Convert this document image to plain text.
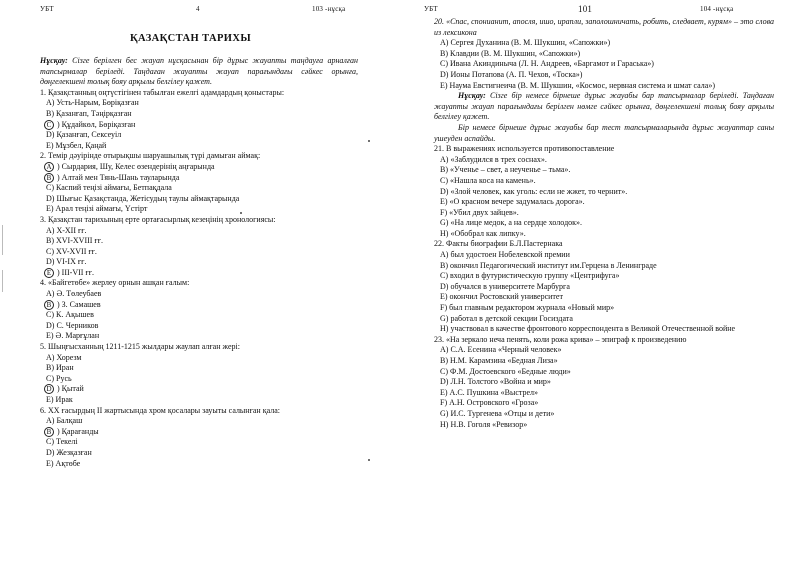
УБТ	4	103 -нұсқа
ҚАЗАҚСТАН ТАРИХЫ
Нұсқау: Сізге берілген бес жауап нұсқасынан бір дұрыс жауапты таңдауға арналған тапсырмалар беріледі. Таңдаған жауапты жауап парағындағы сәйкес орынға, дөңгелекшені толық бояу арқылы белгілеу қажет.
1. Қазақстанның оңтүстігінен табылған ежелгі адамдардың қоныстары:
А) Усть-Нарым, Бөріқазған
В) Қазанғап, Тәңірқазған
С ) Құдайкөл, Бөріқазған
D) Қазанғап, Сексеуіл
Е) Мұзбел, Қаңай
2. Темір дәуірінде отырықшы шаруашылық түрі дамыған аймақ:
А ) Сырдария, Шу, Келес өзендерінің аңғарында
В ) Алтай мен Тянь-Шань тауларында
С) Каспий теңізі аймағы, Бетпақдала
D) Шығыс Қазақстанда, Жетісудың таулы аймақтарында
Е) Арал теңізі аймағы, Үстірт
3. Қазақстан тарихының ерте ортағасырлық кезеңінің хронологиясы:
А) X-XII ғғ.
В) XVI-XVIII ғғ.
С) XV-XVII ғғ.
D) VI-IX ғғ.
Е ) III-VII ғғ.
4. «Байгетөбе» жерлеу орнын ашқан ғалым:
А) Ә. Төлеубаев
В ) З. Самашев
С) К. Ақышев
D) С. Черников
Е) Ә. Марғұлан
5. Шыңғысханның 1211-1215 жылдары жаулап алған жері:
А) Хорезм
В) Иран
С) Русь
D ) Қытай
Е) Ирак
6. XX ғасырдың II жартысында хром қосалары зауыты салынған қала:
А) Балқаш
В ) Қарағанды
С) Текелі
D) Жезқазған
Е) Ақтөбе
УБТ	101	104 -нұсқа
20. «Спас, спонианит, апосля, ишо, ирапли, заполошничать, робить, следвает, курям» – это слова из лексикона
А) Сергея Духанина (В. М. Шукшин, «Сапожки»)
В) Клавдии (В. М. Шукшин, «Сапожки»)
С) Ивана Акиндиныча (Л. Н. Андреев, «Баргамот и Гараська»)
D) Ионы Потапова (А. П. Чехов, «Тоска»)
Е) Наума Евстигнеича (В. М. Шукшин, «Космос, нервная система и шмат сала»)
Нұсқау: Сізге бір немесе бірнеше дұрыс жауабы бар тапсырмалар беріледі. Таңдаған жауапты жауап парағындағы берілген нөмге сәйкес орынға, дөңгелекшені толық бояу арқылы белгілеу қажет.
Бір немесе бірнеше дұрыс жауабы бар тест тапсырмаларында дұрыс жауаптар саны ушеуден аспайды.
21. В выражениях используется противопоставление
А) «Заблудился в трех соснах».
В) «Ученье – свет, а неученье – тьма».
С) «Нашла коса на камень».
D) «Злой человек, как уголь: если не жжет, то чернит».
Е) «О красном вечере задумалась дорога».
F) «Убил двух зайцев».
G) «На лице медок, а на сердце холодок».
H) «Обобрал как липку».
22. Факты биографии Б.Л.Пастернака
А) был удостоен Нобелевской премии
В) окончил Педагогический институт им.Герцена в Ленинграде
С) входил в футуристическую группу «Центрифуга»
D) обучался в университете Марбурга
Е) окончил Ростовский университет
F) был главным редактором журнала «Новый мир»
G) работал в детской секции Госиздата
H) участвовал в качестве фронтового корреспондента в Великой Отечественной войне
23. «На зеркало неча пенять, коли рожа крива» – эпиграф к произведению
А) С.А. Есенина «Черный человек»
В) Н.М. Карамзина «Бедная Лиза»
С) Ф.М. Достоевского «Бедные люди»
D) Л.Н. Толстого «Война и мир»
Е) А.С. Пушкина «Выстрел»
F) А.Н. Островского «Гроза»
G) И.С. Тургенева «Отцы и дети»
H) Н.В. Гоголя «Ревизор»
